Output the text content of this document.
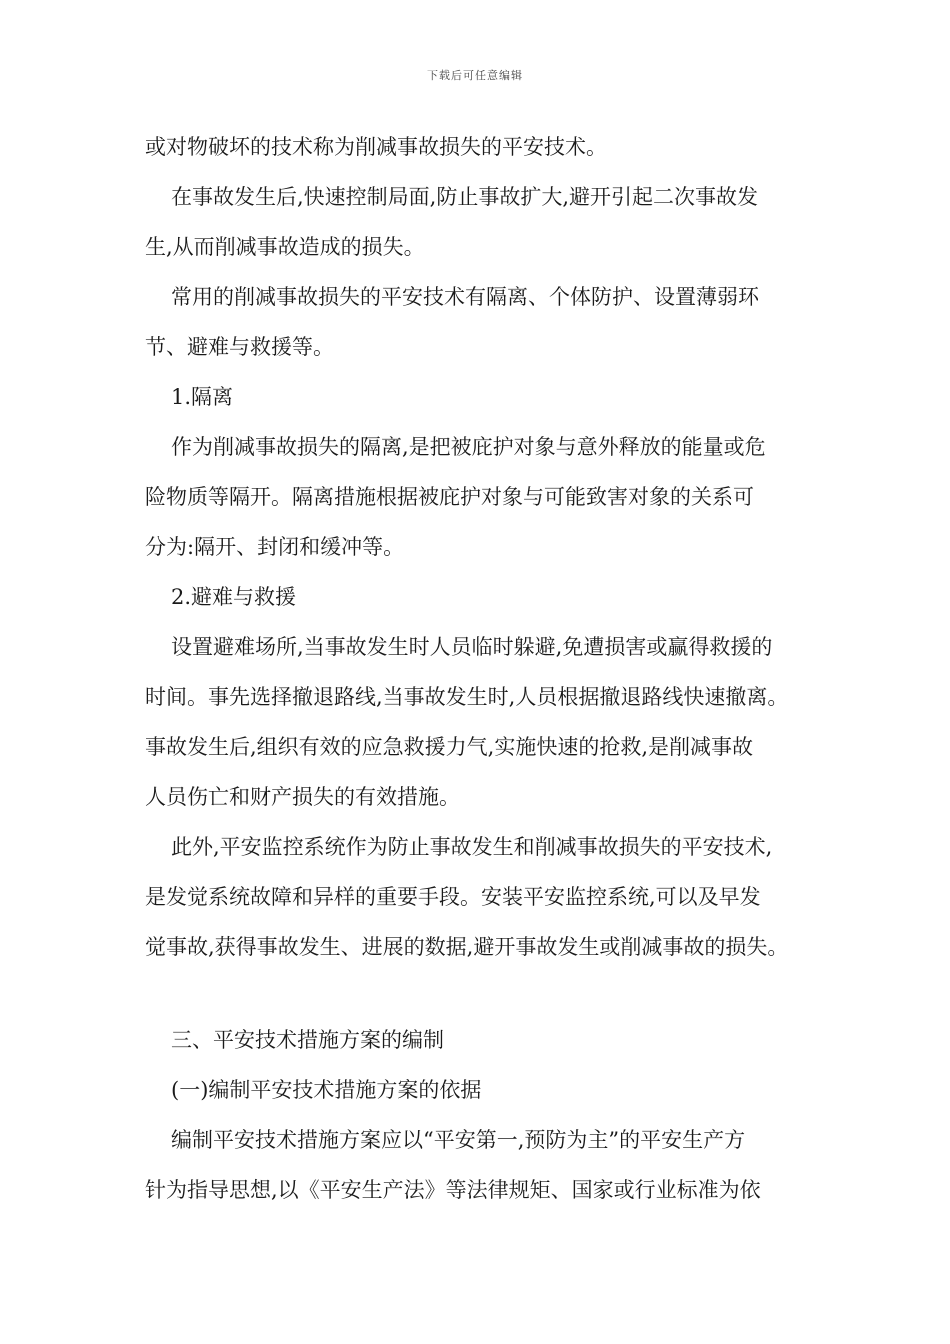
下载后可任意编辑
或对物破坏的技术称为削减事故损失的平安技术。
在事故发生后,快速控制局面,防止事故扩大,避开引起二次事故发
生,从而削减事故造成的损失。
常用的削减事故损失的平安技术有隔离、个体防护、设置薄弱环
节、避难与救援等。
1.隔离
作为削减事故损失的隔离,是把被庇护对象与意外释放的能量或危
险物质等隔开。隔离措施根据被庇护对象与可能致害对象的关系可
分为:隔开、封闭和缓冲等。
2.避难与救援
设置避难场所,当事故发生时人员临时躲避,免遭损害或赢得救援的
时间。事先选择撤退路线,当事故发生时,人员根据撤退路线快速撤离。
事故发生后,组织有效的应急救援力气,实施快速的抢救,是削减事故
人员伤亡和财产损失的有效措施。
此外,平安监控系统作为防止事故发生和削减事故损失的平安技术,
是发觉系统故障和异样的重要手段。安装平安监控系统,可以及早发
觉事故,获得事故发生、进展的数据,避开事故发生或削减事故的损失。
三、平安技术措施方案的编制
(一)编制平安技术措施方案的依据
编制平安技术措施方案应以“平安第一,预防为主”的平安生产方
针为指导思想,以《平安生产法》等法律规矩、国家或行业标准为依
